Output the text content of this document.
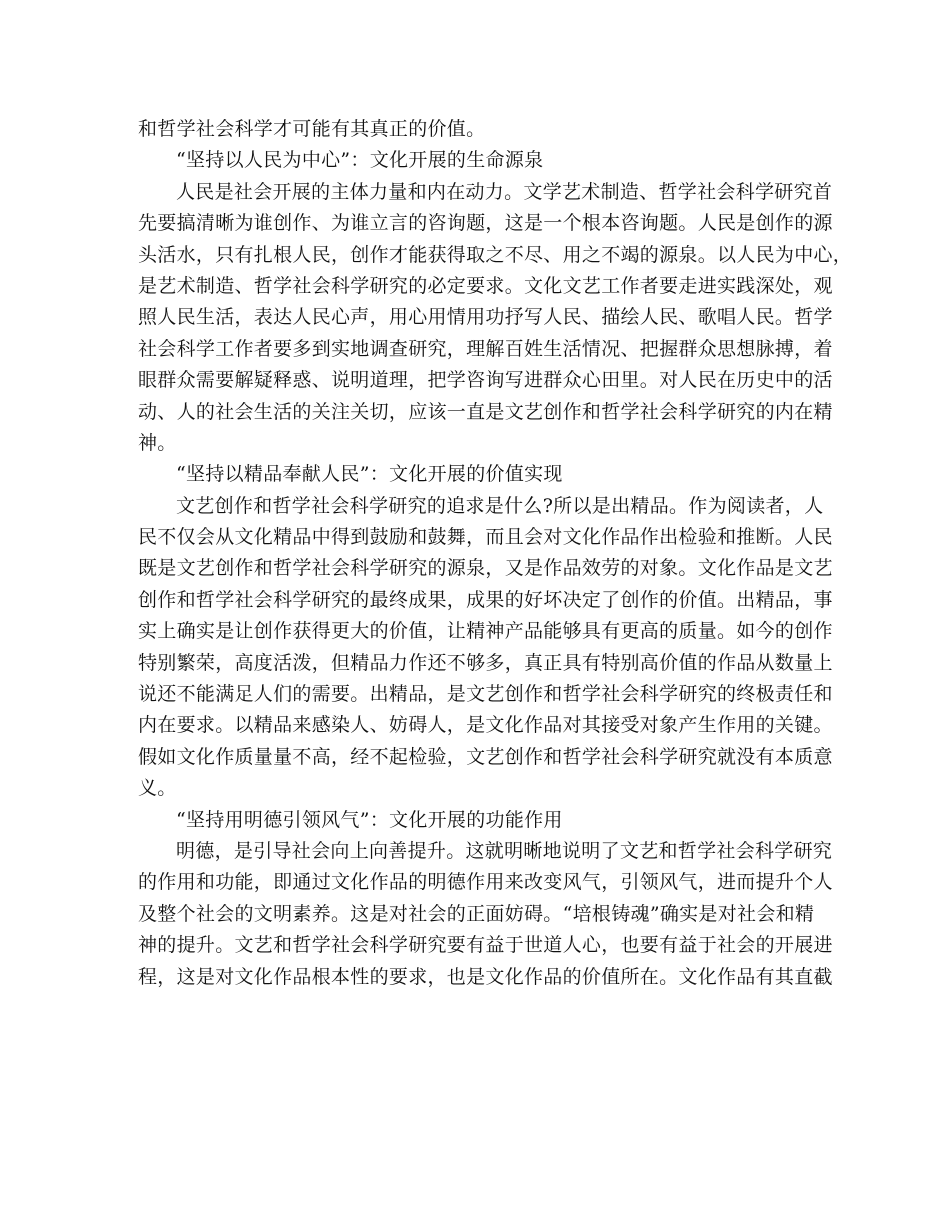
和哲学社会科学才可能有其真正的价值。
“坚持以人民为中心”：文化开展的生命源泉
人民是社会开展的主体力量和内在动力。文学艺术制造、哲学社会科学研究首
先要搞清晰为谁创作、为谁立言的咨询题，这是一个根本咨询题。人民是创作的源
头活水，只有扎根人民，创作才能获得取之不尽、用之不竭的源泉。以人民为中心，
是艺术制造、哲学社会科学研究的必定要求。文化文艺工作者要走进实践深处，观
照人民生活，表达人民心声，用心用情用功抒写人民、描绘人民、歌唱人民。哲学
社会科学工作者要多到实地调查研究，理解百姓生活情况、把握群众思想脉搏，着
眼群众需要解疑释惑、说明道理，把学咨询写进群众心田里。对人民在历史中的活
动、人的社会生活的关注关切，应该一直是文艺创作和哲学社会科学研究的内在精
神。
“坚持以精品奉献人民”：文化开展的价值实现
文艺创作和哲学社会科学研究的追求是什么?所以是出精品。作为阅读者，人
民不仅会从文化精品中得到鼓励和鼓舞，而且会对文化作品作出检验和推断。人民
既是文艺创作和哲学社会科学研究的源泉，又是作品效劳的对象。文化作品是文艺
创作和哲学社会科学研究的最终成果，成果的好坏决定了创作的价值。出精品，事
实上确实是让创作获得更大的价值，让精神产品能够具有更高的质量。如今的创作
特别繁荣，高度活泼，但精品力作还不够多，真正具有特别高价值的作品从数量上
说还不能满足人们的需要。出精品，是文艺创作和哲学社会科学研究的终极责任和
内在要求。以精品来感染人、妨碍人，是文化作品对其接受对象产生作用的关键。
假如文化作质量量不高，经不起检验，文艺创作和哲学社会科学研究就没有本质意
义。
“坚持用明德引领风气”：文化开展的功能作用
明德，是引导社会向上向善提升。这就明晰地说明了文艺和哲学社会科学研究
的作用和功能，即通过文化作品的明德作用来改变风气，引领风气，进而提升个人
及整个社会的文明素养。这是对社会的正面妨碍。“培根铸魂”确实是对社会和精
神的提升。文艺和哲学社会科学研究要有益于世道人心，也要有益于社会的开展进
程，这是对文化作品根本性的要求，也是文化作品的价值所在。文化作品有其直截
